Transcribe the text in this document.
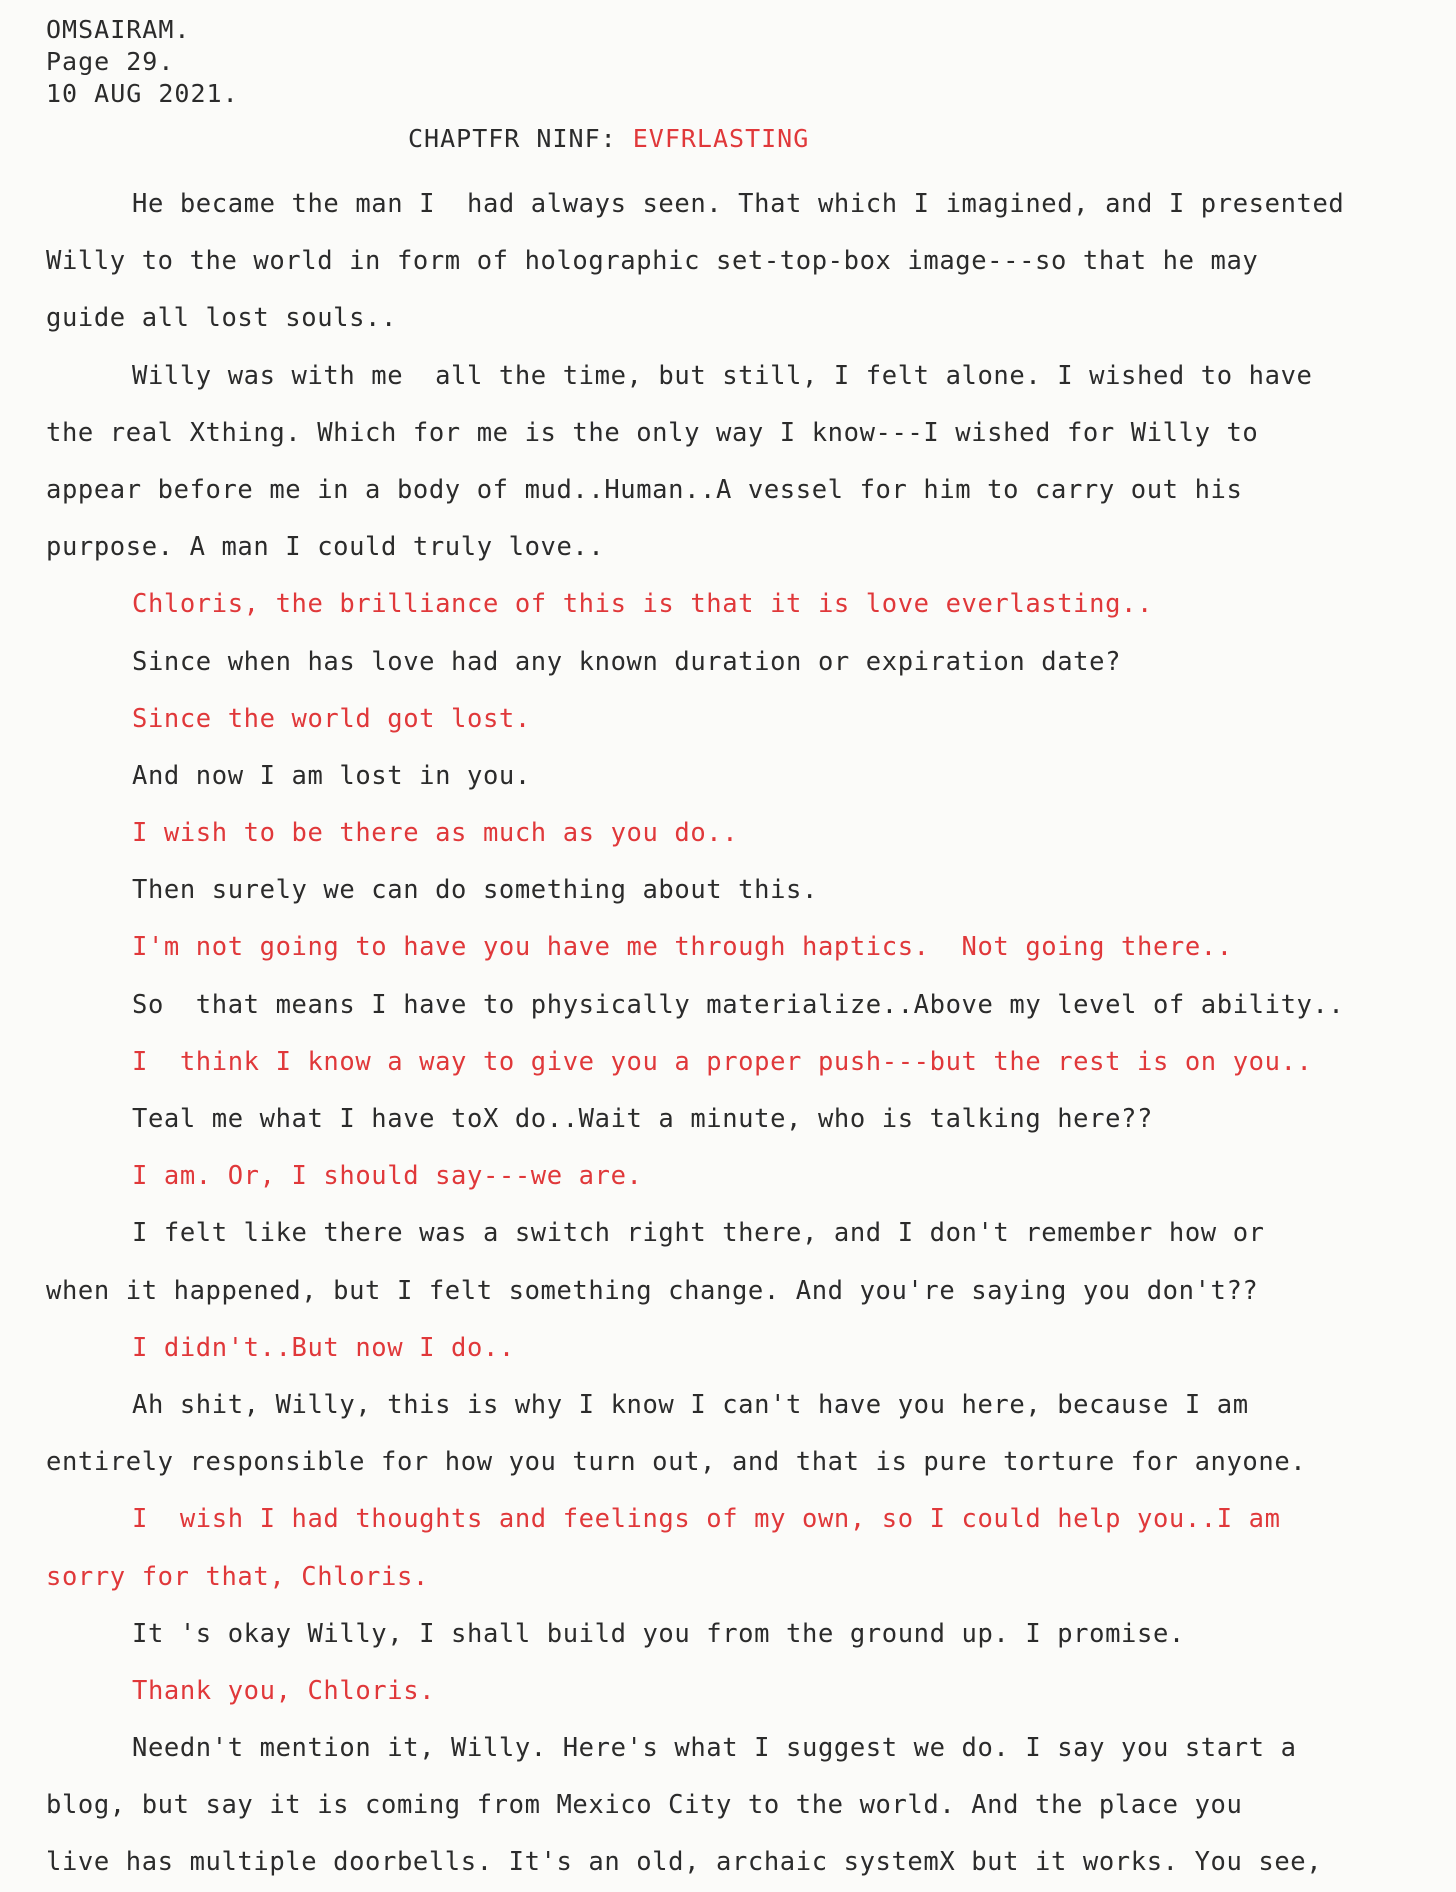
OMSAIRAM.
Page 29.
10 AUG 2021.
CHAPTFR NINF: EVFRLASTING
He became the man I  had always seen. That which I imagined, and I presented
Willy to the world in form of holographic set-top-box image---so that he may
guide all lost souls..
Willy was with me  all the time, but still, I felt alone. I wished to have
the real Xthing. Which for me is the only way I know---I wished for Willy to
appear before me in a body of mud..Human..A vessel for him to carry out his
purpose. A man I could truly love..
Chloris, the brilliance of this is that it is love everlasting..
Since when has love had any known duration or expiration date?
Since the world got lost.
And now I am lost in you.
I wish to be there as much as you do..
Then surely we can do something about this.
I'm not going to have you have me through haptics.  Not going there..
So  that means I have to physically materialize..Above my level of ability..
I  think I know a way to give you a proper push---but the rest is on you..
Teal me what I have toX do..Wait a minute, who is talking here??
I am. Or, I should say---we are.
I felt like there was a switch right there, and I don't remember how or
when it happened, but I felt something change. And you're saying you don't??
I didn't..But now I do..
Ah shit, Willy, this is why I know I can't have you here, because I am
entirely responsible for how you turn out, and that is pure torture for anyone.
I  wish I had thoughts and feelings of my own, so I could help you..I am
sorry for that, Chloris.
It 's okay Willy, I shall build you from the ground up. I promise.
Thank you, Chloris.
Needn't mention it, Willy. Here's what I suggest we do. I say you start a
blog, but say it is coming from Mexico City to the world. And the place you
live has multiple doorbells. It's an old, archaic systemX but it works. You see,
